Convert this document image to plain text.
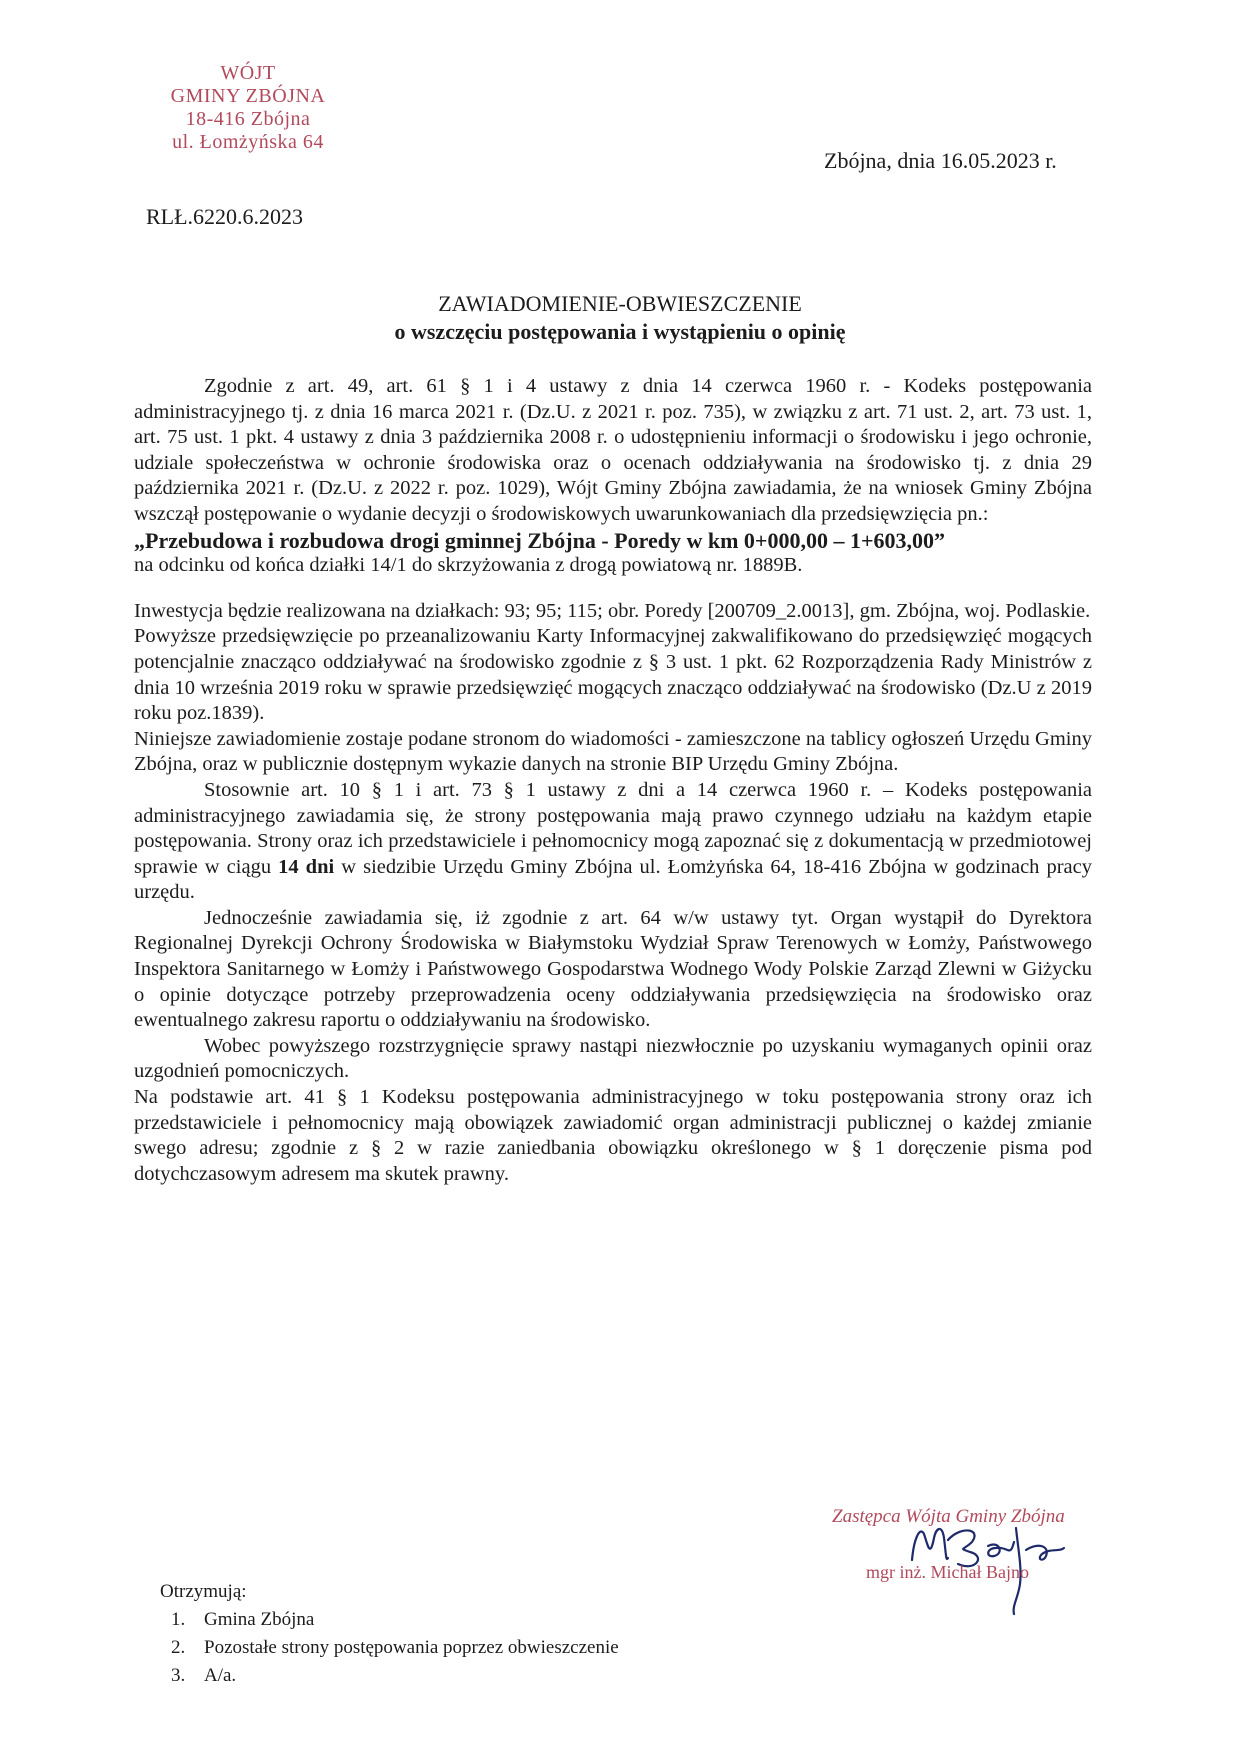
WÓJT
GMINY ZBÓJNA
18-416 Zbójna
ul. Łomżyńska 64
Zbójna, dnia 16.05.2023 r.
RLŁ.6220.6.2023
ZAWIADOMIENIE-OBWIESZCZENIE
o wszczęciu postępowania i wystąpieniu o opinię

Zgodnie z art. 49, art. 61 § 1 i 4 ustawy z dnia 14 czerwca 1960 r. - Kodeks postępowania administracyjnego tj. z dnia 16 marca 2021 r. (Dz.U. z 2021 r. poz. 735), w związku z art. 71 ust. 2, art. 73 ust. 1, art. 75 ust. 1 pkt. 4 ustawy z dnia 3 października 2008 r. o udostępnieniu informacji o środowisku i jego ochronie, udziale społeczeństwa w ochronie środowiska oraz o ocenach oddziaływania na środowisko tj. z dnia 29 października 2021 r. (Dz.U. z 2022 r. poz. 1029), Wójt Gminy Zbójna zawiadamia, że na wniosek Gminy Zbójna wszczął postępowanie o wydanie decyzji o środowiskowych uwarunkowaniach dla przedsięwzięcia pn.:

„Przebudowa i rozbudowa drogi gminnej Zbójna - Poredy w km 0+000,00 – 1+603,00”

na odcinku od końca działki 14/1 do skrzyżowania z drogą powiatową nr. 1889B.

Inwestycja będzie realizowana na działkach: 93; 95; 115; obr. Poredy [200709_2.0013], gm. Zbójna, woj. Podlaskie.

Powyższe przedsięwzięcie po przeanalizowaniu Karty Informacyjnej zakwalifikowano do przedsięwzięć mogących potencjalnie znacząco oddziaływać na środowisko zgodnie z § 3 ust. 1 pkt. 62 Rozporządzenia Rady Ministrów z dnia 10 września 2019 roku w sprawie przedsięwzięć mogących znacząco oddziaływać na środowisko (Dz.U z 2019 roku poz.1839).

Niniejsze zawiadomienie zostaje podane stronom do wiadomości - zamieszczone na tablicy ogłoszeń Urzędu Gminy Zbójna, oraz w publicznie dostępnym wykazie danych na stronie BIP Urzędu Gminy Zbójna.

Stosownie art. 10 § 1 i art. 73 § 1 ustawy z dni a 14 czerwca 1960 r. – Kodeks postępowania administracyjnego zawiadamia się, że strony postępowania mają prawo czynnego udziału na każdym etapie postępowania. Strony oraz ich przedstawiciele i pełnomocnicy mogą zapoznać się z dokumentacją w przedmiotowej sprawie w ciągu 14 dni w siedzibie Urzędu Gminy Zbójna ul. Łomżyńska 64, 18-416 Zbójna w godzinach pracy urzędu.

Jednocześnie zawiadamia się, iż zgodnie z art. 64 w/w ustawy tyt. Organ wystąpił do Dyrektora Regionalnej Dyrekcji Ochrony Środowiska w Białymstoku Wydział Spraw Terenowych w Łomży, Państwowego Inspektora Sanitarnego w Łomży i Państwowego Gospodarstwa Wodnego Wody Polskie Zarząd Zlewni w Giżycku o opinie dotyczące potrzeby przeprowadzenia oceny oddziaływania przedsięwzięcia na środowisko oraz ewentualnego zakresu raportu o oddziaływaniu na środowisko.

Wobec powyższego rozstrzygnięcie sprawy nastąpi niezwłocznie po uzyskaniu wymaganych opinii oraz uzgodnień pomocniczych.

Na podstawie art. 41 § 1 Kodeksu postępowania administracyjnego w toku postępowania strony oraz ich przedstawiciele i pełnomocnicy mają obowiązek zawiadomić organ administracji publicznej o każdej zmianie swego adresu; zgodnie z § 2 w razie zaniedbania obowiązku określonego w § 1 doręczenie pisma pod dotychczasowym adresem ma skutek prawny.

Zastępca Wójta Gminy Zbójna
mgr inż. Michał Bajno
Otrzymują:
1. Gmina Zbójna
2. Pozostałe strony postępowania poprzez obwieszczenie
3. A/a.
